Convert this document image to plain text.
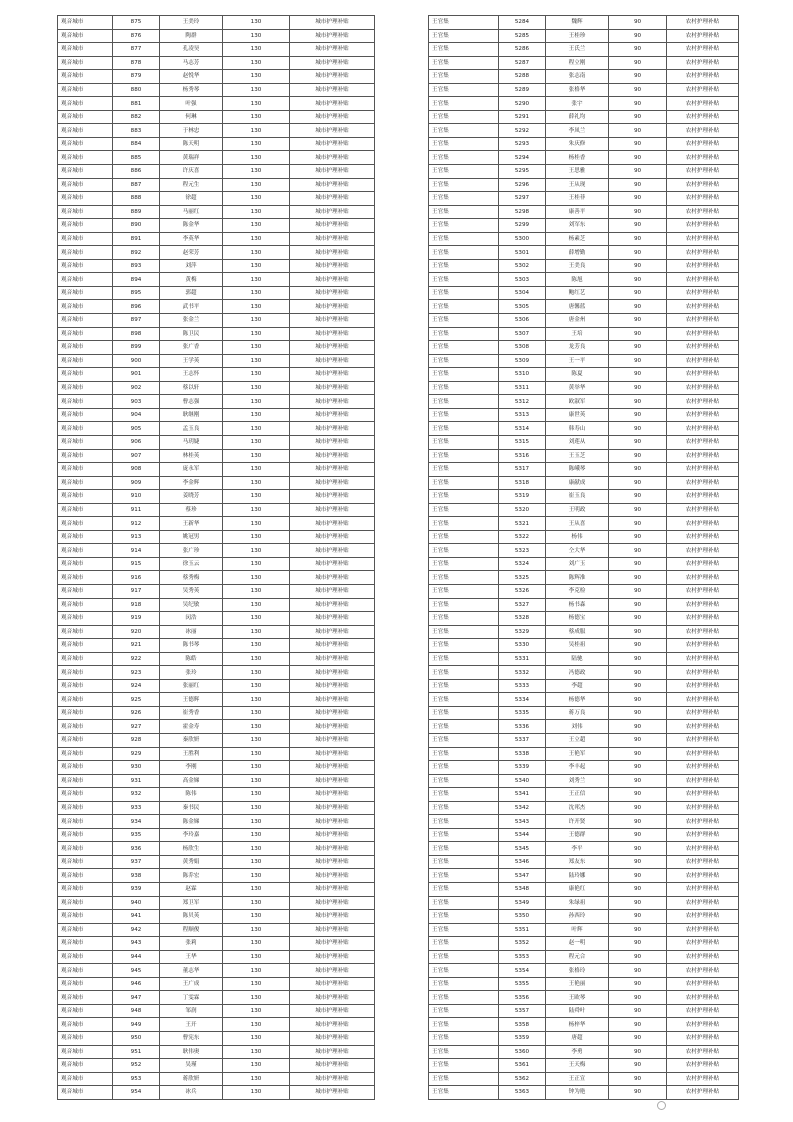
观音城市	875	王美玲	130	城市护理补贴
观音城市	876	陶群	130	城市护理补贴
观音城市	877	孔凌昊	130	城市护理补贴
观音城市	878	马志芳	130	城市护理补贴
观音城市	879	赵悦华	130	城市护理补贴
观音城市	880	杨秀琴	130	城市护理补贴
观音城市	881	叶强	130	城市护理补贴
观音城市	882	何琳	130	城市护理补贴
观音城市	883	于林忠	130	城市护理补贴
观音城市	884	陈天明	130	城市护理补贴
观音城市	885	黄瑞祥	130	城市护理补贴
观音城市	886	许庆喜	130	城市护理补贴
观音城市	887	程元生	130	城市护理补贴
观音城市	888	徐超	130	城市护理补贴
观音城市	889	马丽红	130	城市护理补贴
观音城市	890	陈金华	130	城市护理补贴
观音城市	891	李英华	130	城市护理补贴
观音城市	892	赵荣芳	130	城市护理补贴
观音城市	893	刘萍	130	城市护理补贴
观音城市	894	黄梅	130	城市护理补贴
观音城市	895	郭超	130	城市护理补贴
观音城市	896	武书平	130	城市护理补贴
观音城市	897	张金兰	130	城市护理补贴
观音城市	898	陈卫民	130	城市护理补贴
观音城市	899	张广香	130	城市护理补贴
观音城市	900	王学英	130	城市护理补贴
观音城市	901	王志怀	130	城市护理补贴
观音城市	902	蔡以轩	130	城市护理补贴
观音城市	903	曹志强	130	城市护理补贴
观音城市	904	耿继刚	130	城市护理补贴
观音城市	905	孟玉良	130	城市护理补贴
观音城市	906	马玥婕	130	城市护理补贴
观音城市	907	林桂英	130	城市护理补贴
观音城市	908	庞永军	130	城市护理补贴
观音城市	909	李金辉	130	城市护理补贴
观音城市	910	姜晓芳	130	城市护理补贴
观音城市	911	蔡珍	130	城市护理补贴
观音城市	912	王新华	130	城市护理补贴
观音城市	913	姚冠男	130	城市护理补贴
观音城市	914	张广珍	130	城市护理补贴
观音城市	915	徐玉云	130	城市护理补贴
观音城市	916	蔡秀梅	130	城市护理补贴
观音城市	917	吴秀英	130	城市护理补贴
观音城市	918	吴纪敏	130	城市护理补贴
观音城市	919	闵浩	130	城市护理补贴
观音城市	920	冰丽	130	城市护理补贴
观音城市	921	陈书琴	130	城市护理补贴
观音城市	922	陈皓	130	城市护理补贴
观音城市	923	张玲	130	城市护理补贴
观音城市	924	张丽红	130	城市护理补贴
观音城市	925	王德辉	130	城市护理补贴
观音城市	926	崔秀香	130	城市护理补贴
观音城市	927	霍金寿	130	城市护理补贴
观音城市	928	秦欣妍	130	城市护理补贴
观音城市	929	王胜利	130	城市护理补贴
观音城市	930	李刚	130	城市护理补贴
观音城市	931	高金娣	130	城市护理补贴
观音城市	932	陈伟	130	城市护理补贴
观音城市	933	秦书民	130	城市护理补贴
观音城市	934	陈金娣	130	城市护理补贴
观音城市	935	李玲嘉	130	城市护理补贴
观音城市	936	杨欣生	130	城市护理补贴
观音城市	937	黄秀娟	130	城市护理补贴
观音城市	938	陈乔宏	130	城市护理补贴
观音城市	939	赵霖	130	城市护理补贴
观音城市	940	郑卫军	130	城市护理补贴
观音城市	941	陈贝英	130	城市护理补贴
观音城市	942	程顺俊	130	城市护理补贴
观音城市	943	张莉	130	城市护理补贴
观音城市	944	王华	130	城市护理补贴
观音城市	945	董志华	130	城市护理补贴
观音城市	946	王广成	130	城市护理补贴
观音城市	947	丁雯霖	130	城市护理补贴
观音城市	948	邹润	130	城市护理补贴
观音城市	949	王开	130	城市护理补贴
观音城市	950	曹宪东	130	城市护理补贴
观音城市	951	耿伟奥	130	城市护理补贴
观音城市	952	吴瑾	130	城市护理补贴
观音城市	953	蒋欣妍	130	城市护理补贴
观音城市	954	冰兵	130	城市护理补贴
王官集	5284	魏辉	90	农村护理补贴
王官集	5285	王桂珍	90	农村护理补贴
王官集	5286	王氏兰	90	农村护理补贴
王官集	5287	程立刚	90	农村护理补贴
王官集	5288	张志南	90	农村护理补贴
王官集	5289	张格华	90	农村护理补贴
王官集	5290	张宇	90	农村护理补贴
王官集	5291	薛礼均	90	农村护理补贴
王官集	5292	李凤兰	90	农村护理补贴
王官集	5293	朱庆修	90	农村护理补贴
王官集	5294	杨桂香	90	农村护理补贴
王官集	5295	王思雅	90	农村护理补贴
王官集	5296	王从现	90	农村护理补贴
王官集	5297	王桂菲	90	农村护理补贴
王官集	5298	康善平	90	农村护理补贴
王官集	5299	刘军东	90	农村护理补贴
王官集	5300	杨素芝	90	农村护理补贴
王官集	5301	薛增勤	90	农村护理补贴
王官集	5302	王美良	90	农村护理补贴
王官集	5303	陈旭	90	农村护理补贴
王官集	5304	鲍红艺	90	农村护理补贴
王官集	5305	唐馨蓝	90	农村护理补贴
王官集	5306	唐金州	90	农村护理补贴
王官集	5307	王培	90	农村护理补贴
王官集	5308	龙芳良	90	农村护理补贴
王官集	5309	王一平	90	农村护理补贴
王官集	5310	陈夏	90	农村护理补贴
王官集	5311	黄举华	90	农村护理补贴
王官集	5312	欧淑军	90	农村护理补贴
王官集	5313	康世英	90	农村护理补贴
王官集	5314	韩寿山	90	农村护理补贴
王官集	5315	刘莲从	90	农村护理补贴
王官集	5316	王玉芝	90	农村护理补贴
王官集	5317	陈峨琴	90	农村护理补贴
王官集	5318	康献成	90	农村护理补贴
王官集	5319	崔玉良	90	农村护理补贴
王官集	5320	王明政	90	农村护理补贴
王官集	5321	王从喜	90	农村护理补贴
王官集	5322	杨伟	90	农村护理补贴
王官集	5323	仝大华	90	农村护理补贴
王官集	5324	刘广玉	90	农村护理补贴
王官集	5325	陈辉准	90	农村护理补贴
王官集	5326	李克检	90	农村护理补贴
王官集	5327	杨书森	90	农村护理补贴
王官集	5328	杨德宝	90	农村护理补贴
王官集	5329	蔡成服	90	农村护理补贴
王官集	5330	吴桂祖	90	农村护理补贴
王官集	5331	陆驰	90	农村护理补贴
王官集	5332	冯德政	90	农村护理补贴
王官集	5333	李超	90	农村护理补贴
王官集	5334	杨德华	90	农村护理补贴
王官集	5335	蒋万良	90	农村护理补贴
王官集	5336	刘伟	90	农村护理补贴
王官集	5337	王立超	90	农村护理补贴
王官集	5338	王艳军	90	农村护理补贴
王官集	5339	李丰起	90	农村护理补贴
王官集	5340	刘秀兰	90	农村护理补贴
王官集	5341	王正信	90	农村护理补贴
王官集	5342	沈邦杰	90	农村护理补贴
王官集	5343	许开贤	90	农村护理补贴
王官集	5344	王德群	90	农村护理补贴
王官集	5345	李平	90	农村护理补贴
王官集	5346	郑友东	90	农村护理补贴
王官集	5347	陆玲娜	90	农村护理补贴
王官集	5348	康艳红	90	农村护理补贴
王官集	5349	朱绿祖	90	农村护理补贴
王官集	5350	孙西玲	90	农村护理补贴
王官集	5351	叶辉	90	农村护理补贴
王官集	5352	赵一明	90	农村护理补贴
王官集	5353	程元合	90	农村护理补贴
王官集	5354	张格玲	90	农村护理补贴
王官集	5355	王艳丽	90	农村护理补贴
王官集	5356	王欧琴	90	农村护理补贴
王官集	5357	陆舜叶	90	农村护理补贴
王官集	5358	杨梓华	90	农村护理补贴
王官集	5359	唐超	90	农村护理补贴
王官集	5360	李勇	90	农村护理补贴
王官集	5361	王天梅	90	农村护理补贴
王官集	5362	王正宣	90	农村护理补贴
王官集	5363	钟为艳	90	农村护理补贴
